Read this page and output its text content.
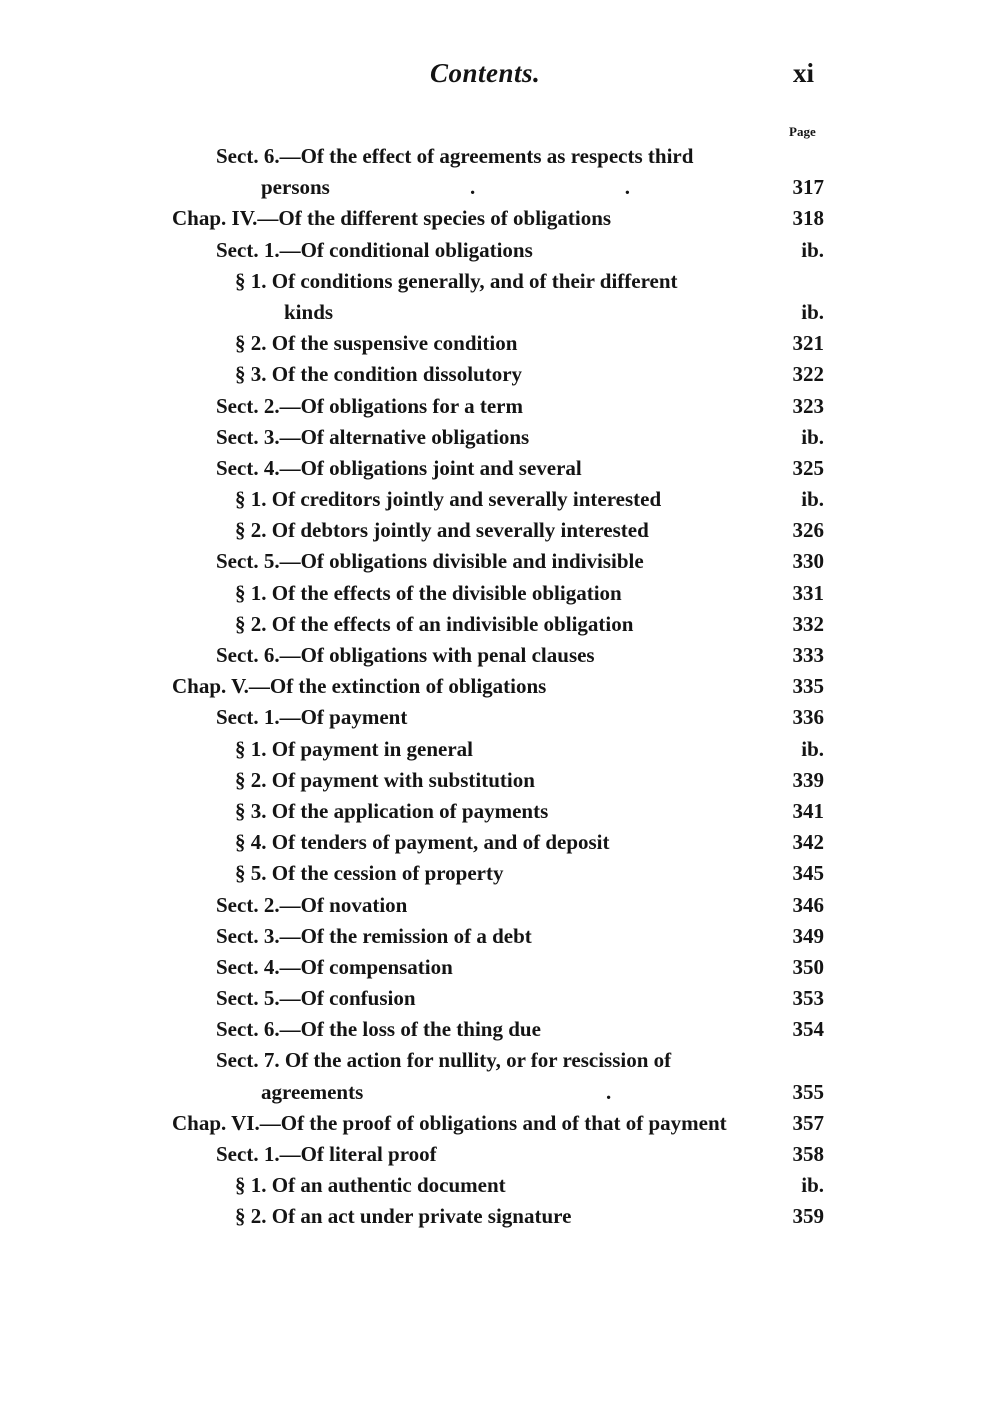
Contents.	xi
Page
Sect. 6.—Of the effect of agreements as respects third
persons	.	.	317
Chap. IV.—Of the different species of obligations	318
Sect. 1.—Of conditional obligations	ib.
§ 1. Of conditions generally, and of their different
kinds	ib.
§ 2. Of the suspensive condition	321
§ 3. Of the condition dissolutory	322
Sect. 2.—Of obligations for a term	323
Sect. 3.—Of alternative obligations	ib.
Sect. 4.—Of obligations joint and several	325
§ 1. Of creditors jointly and severally interested	ib.
§ 2. Of debtors jointly and severally interested	326
Sect. 5.—Of obligations divisible and indivisible	330
§ 1. Of the effects of the divisible obligation	331
§ 2. Of the effects of an indivisible obligation	332
Sect. 6.—Of obligations with penal clauses	333
Chap. V.—Of the extinction of obligations	335
Sect. 1.—Of payment	336
§ 1. Of payment in general	ib.
§ 2. Of payment with substitution	339
§ 3. Of the application of payments	341
§ 4. Of tenders of payment, and of deposit	342
§ 5. Of the cession of property	345
Sect. 2.—Of novation	346
Sect. 3.—Of the remission of a debt	349
Sect. 4.—Of compensation	350
Sect. 5.—Of confusion	353
Sect. 6.—Of the loss of the thing due	354
Sect. 7. Of the action for nullity, or for rescission of
agreements	.	355
Chap. VI.—Of the proof of obligations and of that of payment	357
Sect. 1.—Of literal proof	358
§ 1. Of an authentic document	ib.
§ 2. Of an act under private signature	359
